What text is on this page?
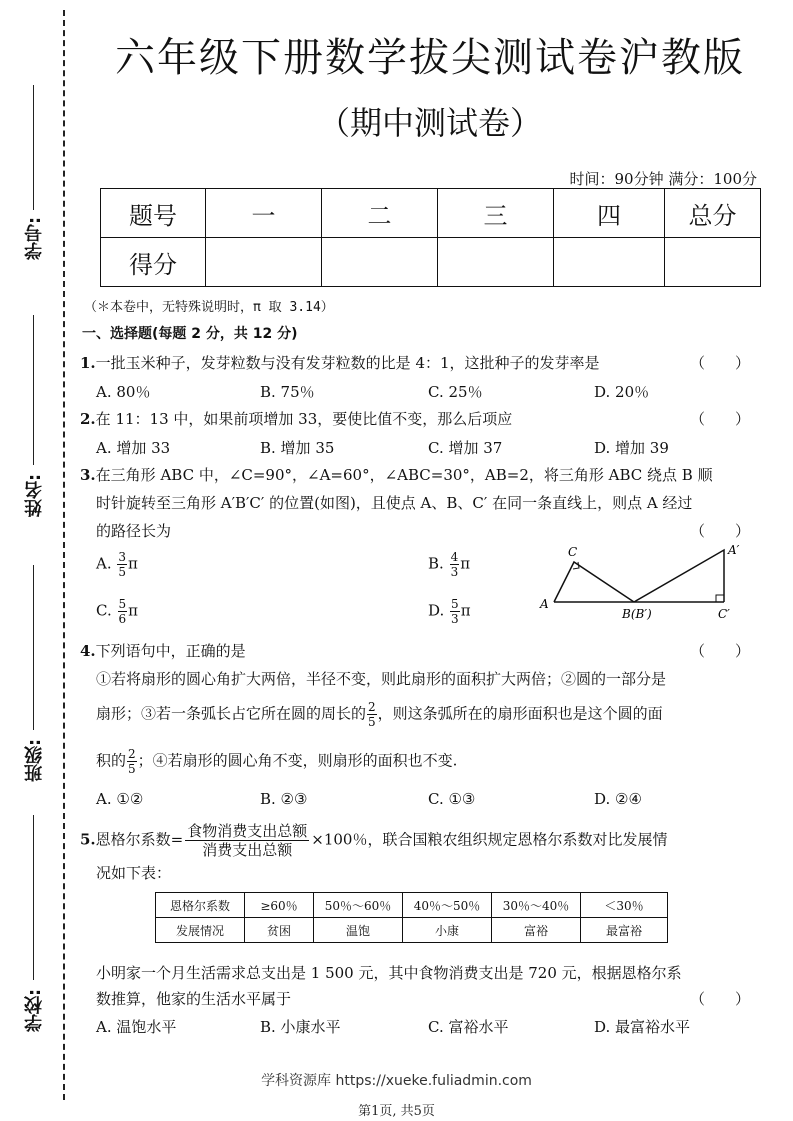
学号:
姓名:
班级:
学校:
六年级下册数学拔尖测试卷沪教版
（期中测试卷）
时间：90分钟 满分：100分
题号	一	二	三	四	总分
得分					
（＊本卷中，无特殊说明时，π 取 3.14）
一、选择题(每题 2 分，共 12 分)
1.一批玉米种子，发芽粒数与没有发芽粒数的比是 4：1，这批种子的发芽率是	（　　）
A. 80％	B. 75％	C. 25％	D. 20％
2.在 11：13 中，如果前项增加 33，要使比值不变，那么后项应	（　　）
A. 增加 33	B. 增加 35	C. 增加 37	D. 增加 39
3.在三角形 ABC 中，∠C=90°，∠A=60°，∠ABC=30°，AB=2，将三角形 ABC 绕点 B 顺
时针旋转至三角形 A′B′C′ 的位置(如图)，且使点 A、B、C′ 在同一条直线上，则点 A 经过
的路径长为	（　　）
A. $\frac{3}{5}$ π	B. $\frac{4}{3}$ π
C. $\frac{5}{6}$ π	D. $\frac{5}{3}$ π
C
A
B(B′)
A′
C′
4.下列语句中，正确的是	（　　）
①若将扇形的圆心角扩大两倍，半径不变，则此扇形的面积扩大两倍；②圆的一部分是
扇形；③若一条弧长占它所在圆的周长的 $\frac{2}{5}$ ，则这条弧所在的扇形面积也是这个圆的面
积的 $\frac{2}{5}$ ；④若扇形的圆心角不变，则扇形的面积也不变.
A. ①②	B. ②③	C. ①③	D. ②④
5.恩格尔系数= $\frac{\text{食物消费支出总额}}{\text{消费支出总额}} \times 100$％，联合国粮农组织规定恩格尔系数对比发展情
况如下表：
恩格尔系数	≥60％	50％～60％	40％～50％	30％～40％	＜30％
发展情况	贫困	温饱	小康	富裕	最富裕
小明家一个月生活需求总支出是 1 500 元，其中食物消费支出是 720 元，根据恩格尔系
数推算，他家的生活水平属于	（　　）
A. 温饱水平	B. 小康水平	C. 富裕水平	D. 最富裕水平
学科资源库 https://xueke.fuliadmin.com
第1页, 共5页
